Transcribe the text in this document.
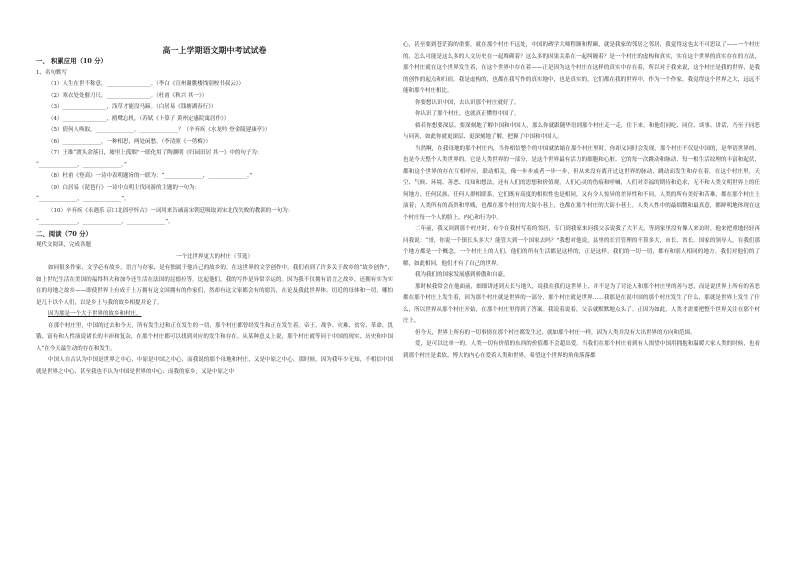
高一上学期语文期中考试试卷
一、 积累应用（10 分）
1、名句默写
（1）人生在世不称意，________________。（李白《宣州谢朓楼饯别校书叔云》）
（2）寒衣处处催刀尺，________________。（杜甫《秋兴 其一》）
（3）________________，浅草才能没马蹄。（白居易《钱塘湖春行》）
（4）________________，鸥鹭忘机。（苏轼《卜算子 黄州定惠院寓居作》）
（5）倩何人唤取，______________，______________？（辛弃疾《水龙吟 登金陵建康亭》）
（6）______________，一种相思，两处闲愁。（李清照《一剪梅》）
（7）王维“渡头余落日，墟里上孤烟”一联化用了陶渊明《归园田居 其一》中的句子为：
“______________，______________。”
（8）杜甫《登高》一诗中表明题旨的一联为：“______________，______________。”
（9）白居易《琵琶行》一诗中点明主伐同游的主题的一句为：
“______________，______________”。
（10）辛弃疾《永遇乐 京口北固亭怀古》一词用来告诫南宋朝廷吸取刘宋北伐失败的教训的一句为：
“______________，______________，______________”。
二、阅读（70 分）
现代文阅读，完成各题
一个比世界更大的村庄（节选）

如同很多作家，文学必有故乡，语言与存家，是有独属于他自己的故乡的。在这世界的文学创作中，我们看到了许多关于故乡的“故乡创作”，如上世纪生活在美国的福得科夫和加今还生活在法国的昆德拉等。比起他们，我的写作是异常幸运的。因为我不仅拥有语言之故乡，还拥有实为实在的母地之故乡——即使世界上有成千上万拥有这文国拥有的作家们，然却有这文家都会有的愿告，在论及我此世界体，切近的母体和一切，哪怕是几十以个人们，以是乡土与我的故乡相提并论了。

因为那是一个大于世界的故乡和村庄。

在那个村庄里，中国的过去和今天，所有发生过和正在发生的一切，那个村庄都曾经发生和正在发生着。帝王、战争、灾难、贫穷、革命、饥饿、富有和人性演说诸长的丰沛和复杂，在那个村庄都可以找到对应的发生和存在。从某种意义上说，那个村庄就等同于中国的现实、历史和中国人“在今天最生动的存在和发生。

中国人自古认为中国是世界之中心，中原是中国之中心，而我说的那个母地和村庄，又是中原之中心。那时候，因为我年少无知，不相信中国就是世界之中心，甚至我也不认为中国是世界的中心；而我的家乡，又是中原之中

心，甚至要到苍茫海的重要，就在那个村庄不远处，中国的碑学大师程颢和程颐，就是我家的邻居之邻居，我觉得这也太不可思议了——一个村庄的，怎么可能是这么多的人文历史在一起堆砌着？这么多的因果关系在一起纠缠着？是一个村庄的虚构和真实，实在这个世界的真实存在的方法，那个村庄就在这个世界发生着，在这个世界中存在着——正是因为这个村庄在这样的真实中存在着，所以对于我来说，这个村庄是我的世界，是我的创作的起点和归宿。我是虚构的，也都在我写作的真实地中，也是真实的，它们都在我的世界中，作为一个作家，我觉得这个世界之大，远远不能和那个村庄相比。

你要想认识中国，去认识那个村庄就好了。

你认识了那个村庄，也就真正懂得中国了。

倘若你想要深层、要深刻地了解中国和中国人，那么你就跟随华语到那个村庄走一走，住下来，和他们同吃、同住、谈事、讲话，乃至于同恶与同善，如此你就更深层、更深刻地了解，把握了中国和中国人。

当然啊，在我母地的那个村庄内，当你相信整个的中国就浓缩在那个村庄里时，你却又同时会发现，那个村庄不仅是中国的，是华语世界的，也是今天整个人类世界的。它是人类世界的一部分，是这个世界最有活力的细胞和心脏。它的每一次跳动和脉动，每一根生活纹理的丰富和起伏，都和这个世界的存在互相呼应，联动相关，像一步步或者一步一步，但从来没有离开过这世界的脉动，跳动而发生和存在着。在这个村庄里，天空、气候、环境、善恶、良知和想法，还有人们的思想和价值观，人们心灵的伤痕和呼喊，人们对幸福的期待和追求，无不和人类文明世界上的任何地方、任何民族、任何人群相联系，它们既有高度的相似性也是相同，又有令人惊异的差异性和不同，人类的所有美好和苦难，都在那个村庄上演着；人类所有的高贵和卑贱，也都在那个村庄的大街小巷上，也都在那个村庄的大街小巷上。人类人性中的最细微和最真意，都鲜明地体现在这个村庄每一个人的脸上、内心和行为中。

二年前，我又回到那个村庄时，有个在我村写着的邻居，专门到我家来问我父亲说我了大半天。等到家里没有像人来访时，他来把重地轻轻再问我说：“哥，你说一个镇长头多大？能管大到一个国家去吗？”我想对他说，县里的长官管理的不算多大，市长、省长、国家的领导人，在我们那个地方都是一个概念，一个村庄上的人们，他们的所有生活都是这样的，正是这样，我们的一切一切，都有和别人相同的地方。我们对他们的了解，如此相同，他们才有了自己的世界。

我为我们的国家发展感到骄傲和自豪。

那时候我常会在他面前，细细讲述到天长与地久，说我在我们这世界上，并不是为了讨论人和那个村庄里的善与恶，而是说世界上所有的善恶都在那个村庄上发生着，因为那个村庄就是世界的一部分，那个村庄就是世界……我那是在说中国的那个村庄发生了什么，那就是世界上发生了什么，所以世界从那个村庄开始，在那个村庄里得到了答案。我说着说着，父亲就默默地点头了。正因为如此，人类才需要把整个世界关注在那个村庄上。

但今天，世界上所有的一切事情在那个村庄都发生过，就如那个村庄一样，因为人类并没有大出世界的方向和范围。

爱，是可以比单一的。人类一切有价值的东西的价值都不会超出爱。当我们在那个村庄看到有人渴望中国用拥抱和温暖大家人类的时候，也看到那个村庄是柔软、博大的内心在爱着人类和世界，希望这个世界的角角落落都
